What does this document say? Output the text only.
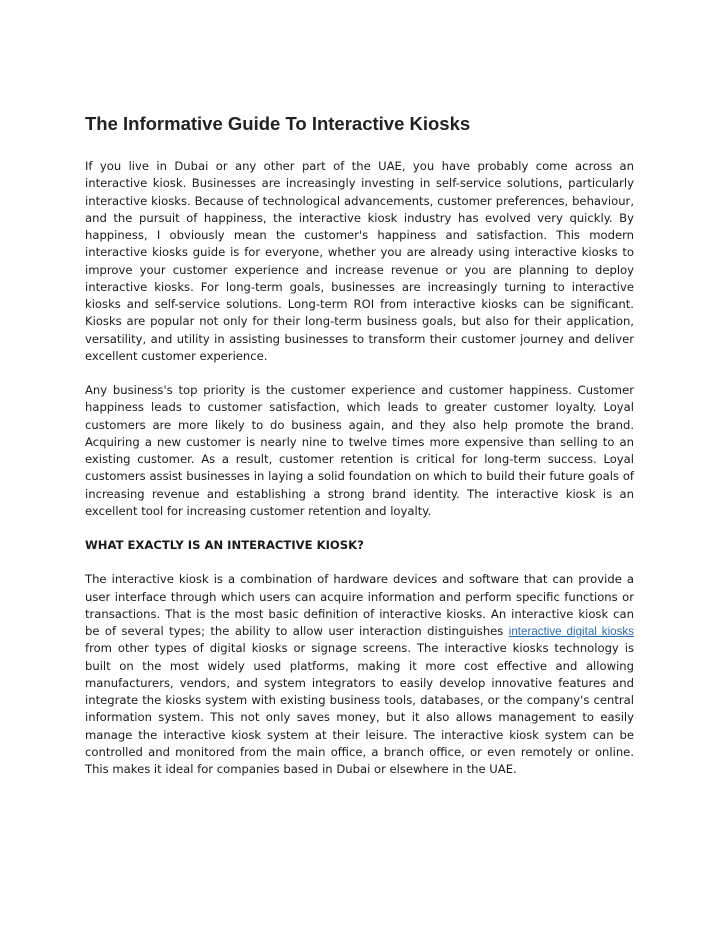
The Informative Guide To Interactive Kiosks

If you live in Dubai or any other part of the UAE, you have probably come across an interactive kiosk. Businesses are increasingly investing in self-service solutions, particularly interactive kiosks. Because of technological advancements, customer preferences, behaviour, and the pursuit of happiness, the interactive kiosk industry has evolved very quickly. By happiness, I obviously mean the customer's happiness and satisfaction. This modern interactive kiosks guide is for everyone, whether you are already using interactive kiosks to improve your customer experience and increase revenue or you are planning to deploy interactive kiosks. For long-term goals, businesses are increasingly turning to interactive kiosks and self-service solutions. Long-term ROI from interactive kiosks can be significant. Kiosks are popular not only for their long-term business goals, but also for their application, versatility, and utility in assisting businesses to transform their customer journey and deliver excellent customer experience.

Any business's top priority is the customer experience and customer happiness. Customer happiness leads to customer satisfaction, which leads to greater customer loyalty. Loyal customers are more likely to do business again, and they also help promote the brand. Acquiring a new customer is nearly nine to twelve times more expensive than selling to an existing customer. As a result, customer retention is critical for long-term success. Loyal customers assist businesses in laying a solid foundation on which to build their future goals of increasing revenue and establishing a strong brand identity. The interactive kiosk is an excellent tool for increasing customer retention and loyalty.

WHAT EXACTLY IS AN INTERACTIVE KIOSK?

The interactive kiosk is a combination of hardware devices and software that can provide a user interface through which users can acquire information and perform specific functions or transactions. That is the most basic definition of interactive kiosks. An interactive kiosk can be of several types; the ability to allow user interaction distinguishes interactive digital kiosks from other types of digital kiosks or signage screens. The interactive kiosks technology is built on the most widely used platforms, making it more cost effective and allowing manufacturers, vendors, and system integrators to easily develop innovative features and integrate the kiosks system with existing business tools, databases, or the company's central information system. This not only saves money, but it also allows management to easily manage the interactive kiosk system at their leisure. The interactive kiosk system can be controlled and monitored from the main office, a branch office, or even remotely or online. This makes it ideal for companies based in Dubai or elsewhere in the UAE.
